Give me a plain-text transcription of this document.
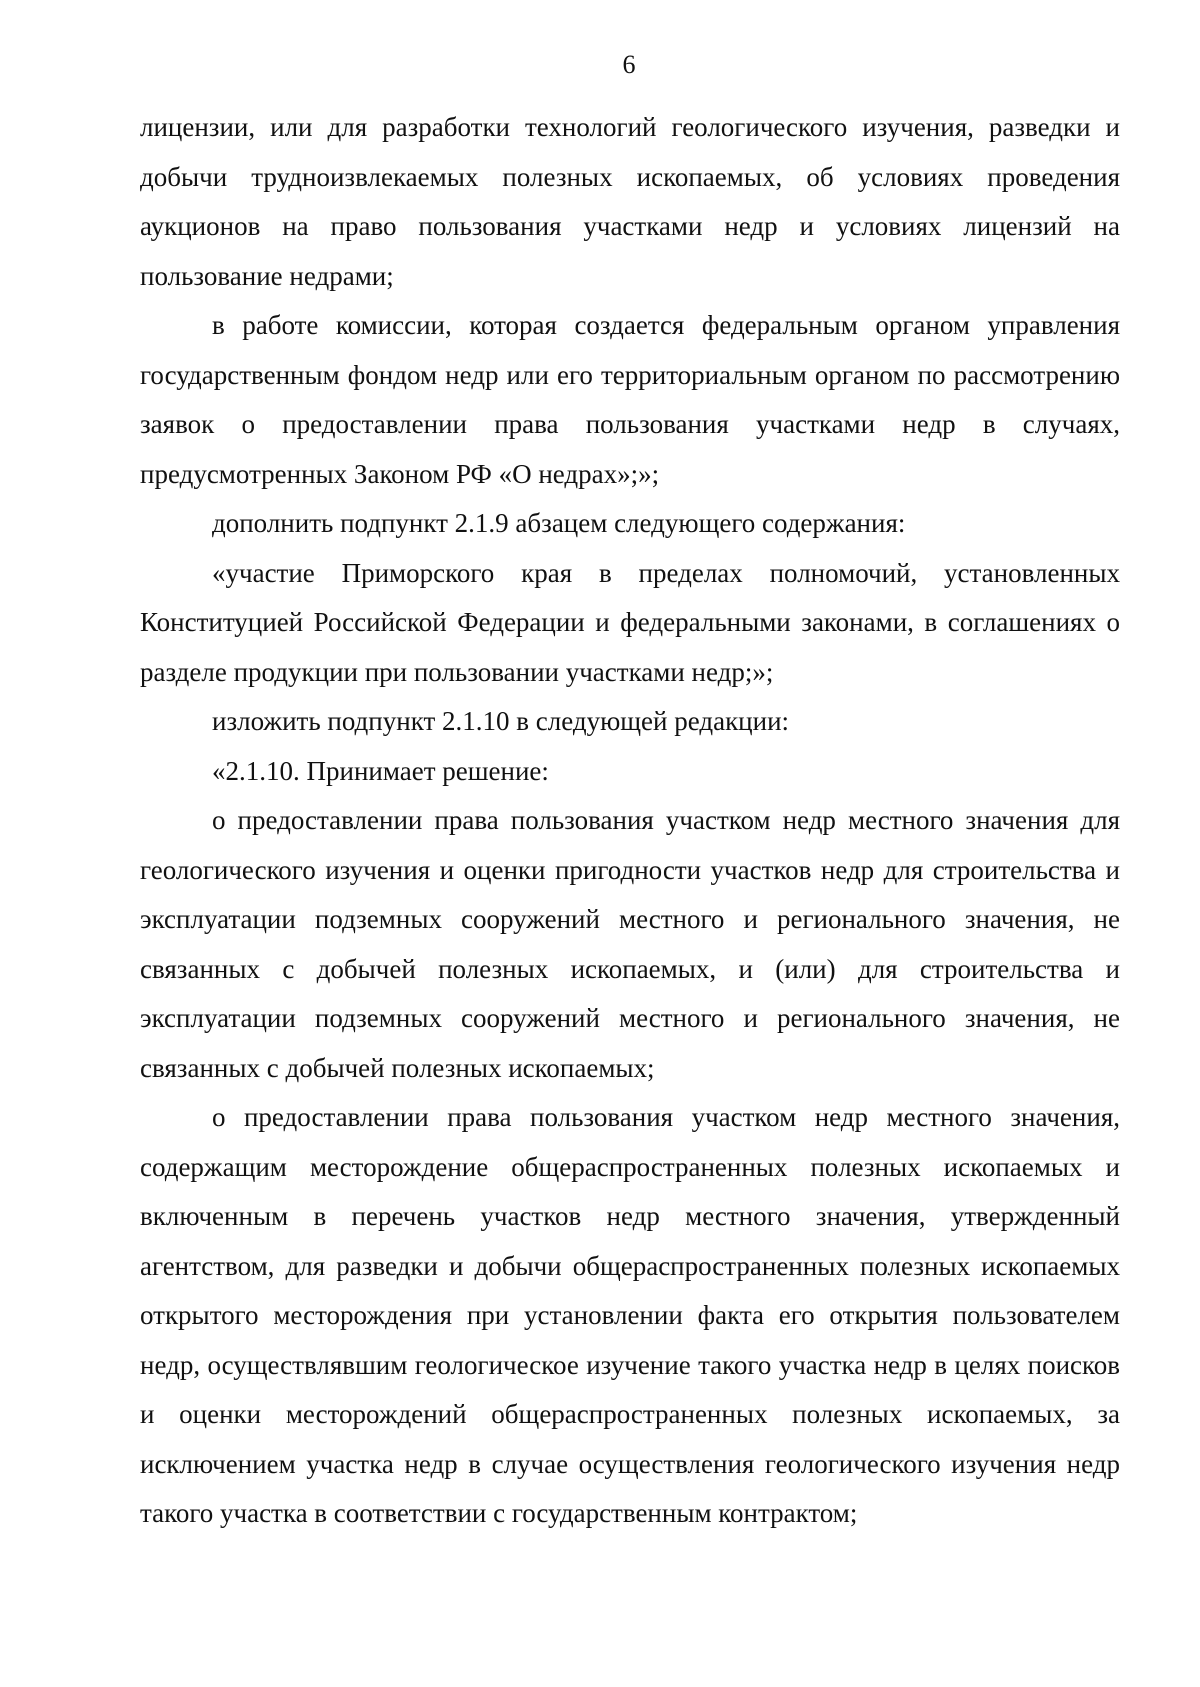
6

лицензии, или для разработки технологий геологического изучения, разведки и добычи трудноизвлекаемых полезных ископаемых, об условиях проведения аукционов на право пользования участками недр и условиях лицензий на пользование недрами;

в работе комиссии, которая создается федеральным органом управления государственным фондом недр или его территориальным органом по рассмотрению заявок о предоставлении права пользования участками недр в случаях, предусмотренных Законом РФ «О недрах»;»;

дополнить подпункт 2.1.9 абзацем следующего содержания:

«участие Приморского края в пределах полномочий, установленных Конституцией Российской Федерации и федеральными законами, в соглашениях о разделе продукции при пользовании участками недр;»;

изложить подпункт 2.1.10 в следующей редакции:

«2.1.10. Принимает решение:

о предоставлении права пользования участком недр местного значения для геологического изучения и оценки пригодности участков недр для строительства и эксплуатации подземных сооружений местного и регионального значения, не связанных с добычей полезных ископаемых, и (или) для строительства и эксплуатации подземных сооружений местного и регионального значения, не связанных с добычей полезных ископаемых;

о предоставлении права пользования участком недр местного значения, содержащим месторождение общераспространенных полезных ископаемых и включенным в перечень участков недр местного значения, утвержденный агентством, для разведки и добычи общераспространенных полезных ископаемых открытого месторождения при установлении факта его открытия пользователем недр, осуществлявшим геологическое изучение такого участка недр в целях поисков и оценки месторождений общераспространенных полезных ископаемых, за исключением участка недр в случае осуществления геологического изучения недр такого участка в соответствии с государственным контрактом;
